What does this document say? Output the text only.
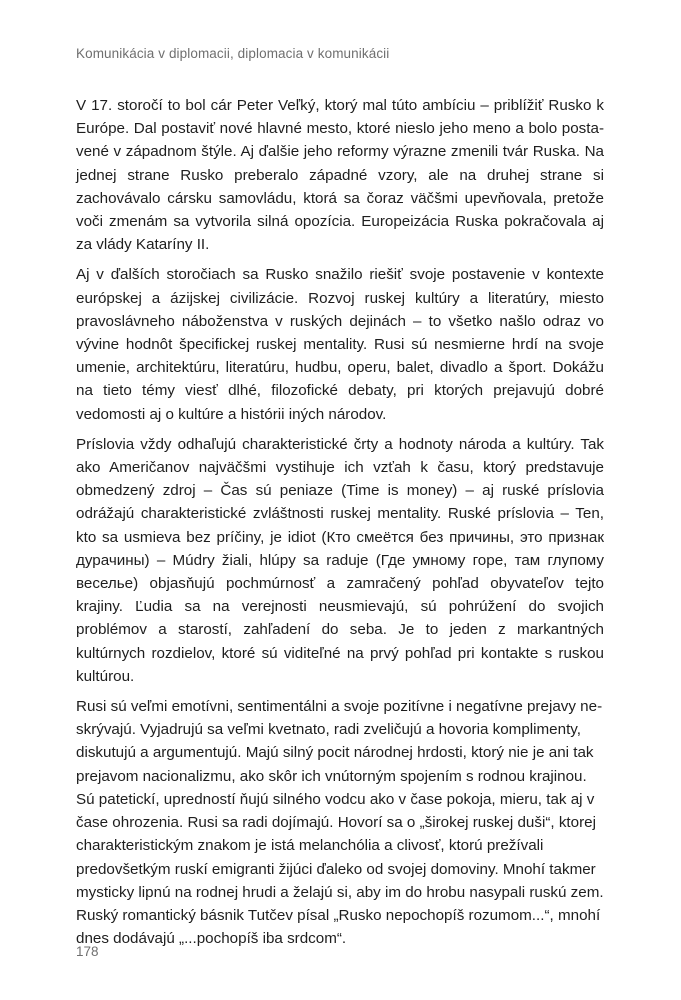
Komunikácia v diplomacii, diplomacia v komunikácii

V 17. storočí to bol cár Peter Veľký, ktorý mal túto ambíciu – priblížiť Rusko k Európe. Dal postaviť nové hlavné mesto, ktoré nieslo jeho meno a bolo postavené v západnom štýle. Aj ďalšie jeho reformy výrazne zmenili tvár Ruska. Na jednej strane Rusko preberalo západné vzory, ale na druhej strane si zachovávalo cársku samovládu, ktorá sa čoraz väčšmi upevňovala, pretože voči zmenám sa vytvorila silná opozícia. Europeizácia Ruska pokračovala aj za vlády Kataríny II.

Aj v ďalších storočiach sa Rusko snažilo riešiť svoje postavenie v kontexte európskej a ázijskej civilizácie. Rozvoj ruskej kultúry a literatúry, miesto pravoslávneho náboženstva v ruských dejinách – to všetko našlo odraz vo vývine hodnôt špecifickej ruskej mentality. Rusi sú nesmierne hrdí na svoje umenie, architektúru, literatúru, hudbu, operu, balet, divadlo a šport. Dokážu na tieto témy viesť dlhé, filozofické debaty, pri ktorých prejavujú dobré vedomosti aj o kultúre a histórii iných národov.

Príslovia vždy odhaľujú charakteristické črty a hodnoty národa a kultúry. Tak ako Američanov najväčšmi vystihuje ich vzťah k času, ktorý predstavuje obmedzený zdroj – Čas sú peniaze (Time is money) – aj ruské príslovia odrážajú charakteristické zvláštnosti ruskej mentality. Ruské príslovia – Ten, kto sa usmieva bez príčiny, je idiot (Кто смеётся без причины, это признак дурачины) – Múdry žiali, hlúpy sa raduje (Где умному горе, там глупому веселье) objasňujú pochmúrnosť a zamračený pohľad obyvateľov tejto krajiny. Ľudia sa na verejnosti neusmievajú, sú pohrúžení do svojich problémov a starostí, zahľadení do seba. Je to jeden z markantných kultúrnych rozdielov, ktoré sú viditeľné na prvý pohľad pri kontakte s ruskou kultúrou.

Rusi sú veľmi emotívni, sentimentálni a svoje pozitívne i negatívne prejavy neskrývajú. Vyjadrujú sa veľmi kvetnato, radi zveličujú a hovoria komplimenty, diskutujú a argumentujú. Majú silný pocit národnej hrdosti, ktorý nie je ani tak prejavom nacionalizmu, ako skôr ich vnútorným spojením s rodnou krajinou. Sú patetickí, upredností ňujú silného vodcu ako v čase pokoja, mieru, tak aj v čase ohrozenia. Rusi sa radi dojímajú. Hovorí sa o „širokej ruskej duši“, ktorej charakteristickým znakom je istá melanchólia a clivosť, ktorú prežívali predovšetkým ruskí emigranti žijúci ďaleko od svojej domoviny. Mnohí takmer mysticky lipnú na rodnej hrudi a želajú si, aby im do hrobu nasypali ruskú zem. Ruský romantický básnik Tutčev písal „Rusko nepochopíš rozumom...“, mnohí dnes dodávajú „...pochopíš iba srdcom“.

178
